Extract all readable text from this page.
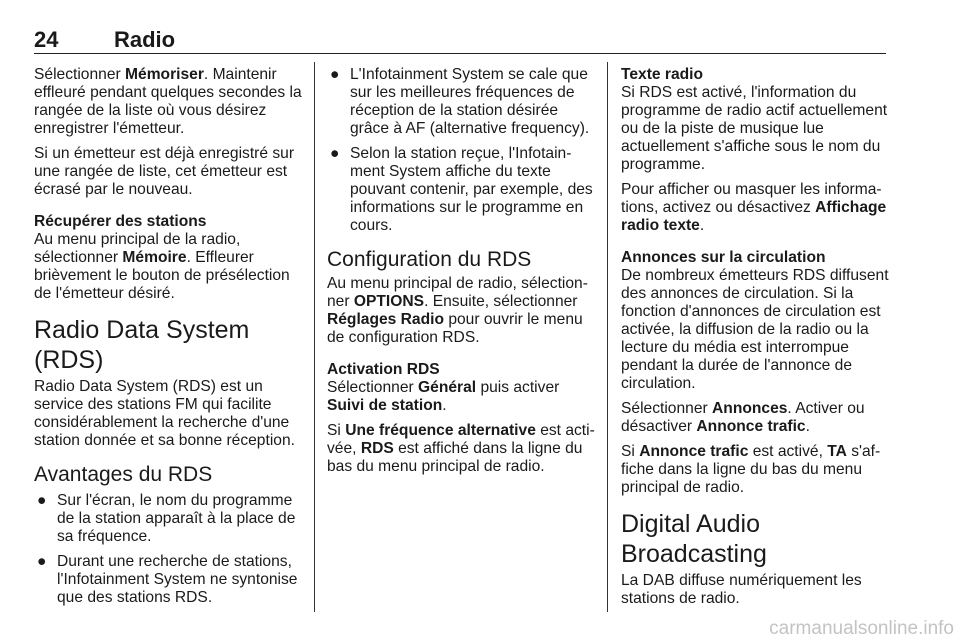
24	Radio

Sélectionner Mémoriser. Maintenir effleuré pendant quelques secondes la rangée de la liste où vous désirez enregistrer l'émetteur.

Si un émetteur est déjà enregistré sur une rangée de liste, cet émetteur est écrasé par le nouveau.

Récupérer des stations

Au menu principal de la radio, sélectionner Mémoire. Effleurer brièvement le bouton de présélection de l'émetteur désiré.

Radio Data System (RDS)

Radio Data System (RDS) est un service des stations FM qui facilite considérablement la recherche d'une station donnée et sa bonne réception.

Avantages du RDS
● Sur l'écran, le nom du programme de la station apparaît à la place de sa fréquence.
● Durant une recherche de stations, l'Infotainment System ne syntonise que des stations RDS.
● L'Infotainment System se cale que sur les meilleures fréquences de réception de la station désirée grâce à AF (alternative frequency).
● Selon la station reçue, l'Infotainment System affiche du texte pouvant contenir, par exemple, des informations sur le programme en cours.
Configuration du RDS

Au menu principal de radio, sélectionner OPTIONS. Ensuite, sélectionner Réglages Radio pour ouvrir le menu de configuration RDS.

Activation RDS

Sélectionner Général puis activer Suivi de station.

Si Une fréquence alternative est activée, RDS est affiché dans la ligne du bas du menu principal de radio.

Texte radio

Si RDS est activé, l'information du programme de radio actif actuellement ou de la piste de musique lue actuellement s'affiche sous le nom du programme.

Pour afficher ou masquer les informations, activez ou désactivez Affichage radio texte.

Annonces sur la circulation

De nombreux émetteurs RDS diffusent des annonces de circulation. Si la fonction d'annonces de circulation est activée, la diffusion de la radio ou la lecture du média est interrompue pendant la durée de l'annonce de circulation.

Sélectionner Annonces. Activer ou désactiver Annonce trafic.

Si Annonce trafic est activé, TA s'affiche dans la ligne du bas du menu principal de radio.

Digital Audio Broadcasting

La DAB diffuse numériquement les stations de radio.

carmanualsonline.info
